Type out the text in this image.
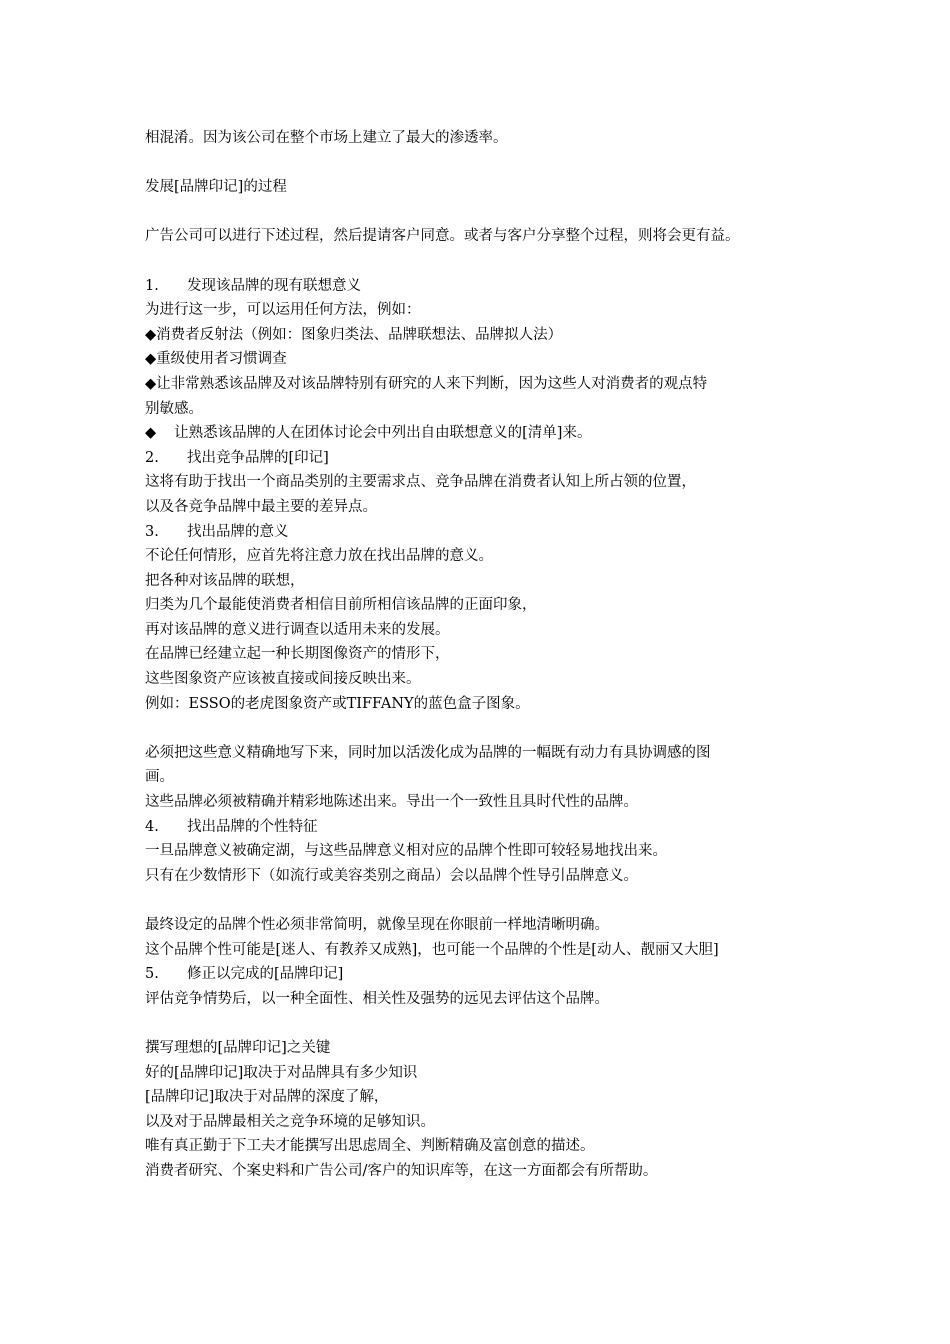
相混淆。因为该公司在整个市场上建立了最大的渗透率。
发展[品牌印记]的过程
广告公司可以进行下述过程，然后提请客户同意。或者与客户分享整个过程，则将会更有益。
1. 发现该品牌的现有联想意义
为进行这一步，可以运用任何方法，例如：
◆消费者反射法（例如：图象归类法、品牌联想法、品牌拟人法）
◆重级使用者习惯调查
◆让非常熟悉该品牌及对该品牌特别有研究的人来下判断，因为这些人对消费者的观点特
别敏感。
◆ 让熟悉该品牌的人在团体讨论会中列出自由联想意义的[清单]来。
2. 找出竞争品牌的[印记]
这将有助于找出一个商品类别的主要需求点、竞争品牌在消费者认知上所占领的位置，
以及各竞争品牌中最主要的差异点。
3. 找出品牌的意义
不论任何情形，应首先将注意力放在找出品牌的意义。
把各种对该品牌的联想，
归类为几个最能使消费者相信目前所相信该品牌的正面印象，
再对该品牌的意义进行调查以适用未来的发展。
在品牌已经建立起一种长期图像资产的情形下，
这些图象资产应该被直接或间接反映出来。
例如：ESSO的老虎图象资产或TIFFANY的蓝色盒子图象。
必须把这些意义精确地写下来，同时加以活泼化成为品牌的一幅既有动力有具协调感的图
画。
这些品牌必须被精确并精彩地陈述出来。导出一个一致性且具时代性的品牌。
4. 找出品牌的个性特征
一旦品牌意义被确定湖，与这些品牌意义相对应的品牌个性即可较轻易地找出来。
只有在少数情形下（如流行或美容类别之商品）会以品牌个性导引品牌意义。
最终设定的品牌个性必须非常简明，就像呈现在你眼前一样地清晰明确。
这个品牌个性可能是[迷人、有教养又成熟]，也可能一个品牌的个性是[动人、靓丽又大胆]
5. 修正以完成的[品牌印记]
评估竞争情势后，以一种全面性、相关性及强势的远见去评估这个品牌。
撰写理想的[品牌印记]之关键
好的[品牌印记]取决于对品牌具有多少知识
[品牌印记]取决于对品牌的深度了解，
以及对于品牌最相关之竞争环境的足够知识。
唯有真正勤于下工夫才能撰写出思虑周全、判断精确及富创意的描述。
消费者研究、个案史料和广告公司/客户的知识库等，在这一方面都会有所帮助。
